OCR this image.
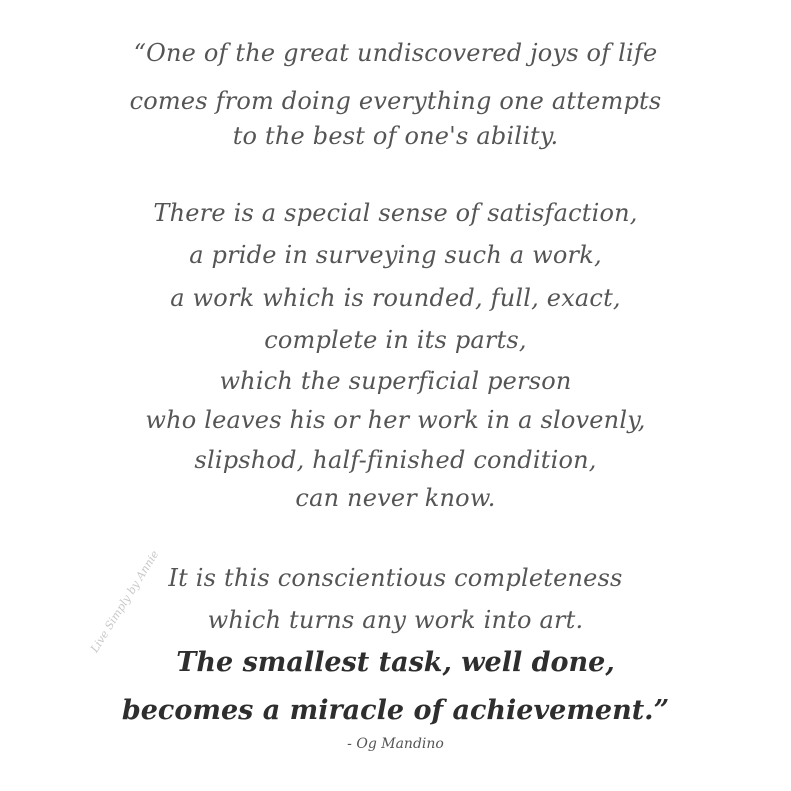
“One of the great undiscovered joys of life
comes from doing everything one attempts
to the best of one's ability.
There is a special sense of satisfaction,
a pride in surveying such a work,
a work which is rounded, full, exact,
complete in its parts,
which the superficial person
who leaves his or her work in a slovenly,
slipshod, half-finished condition,
can never know.
It is this conscientious completeness
which turns any work into art.
The smallest task, well done,
becomes a miracle of achievement.”
- Og Mandino
Live Simply by Annie
